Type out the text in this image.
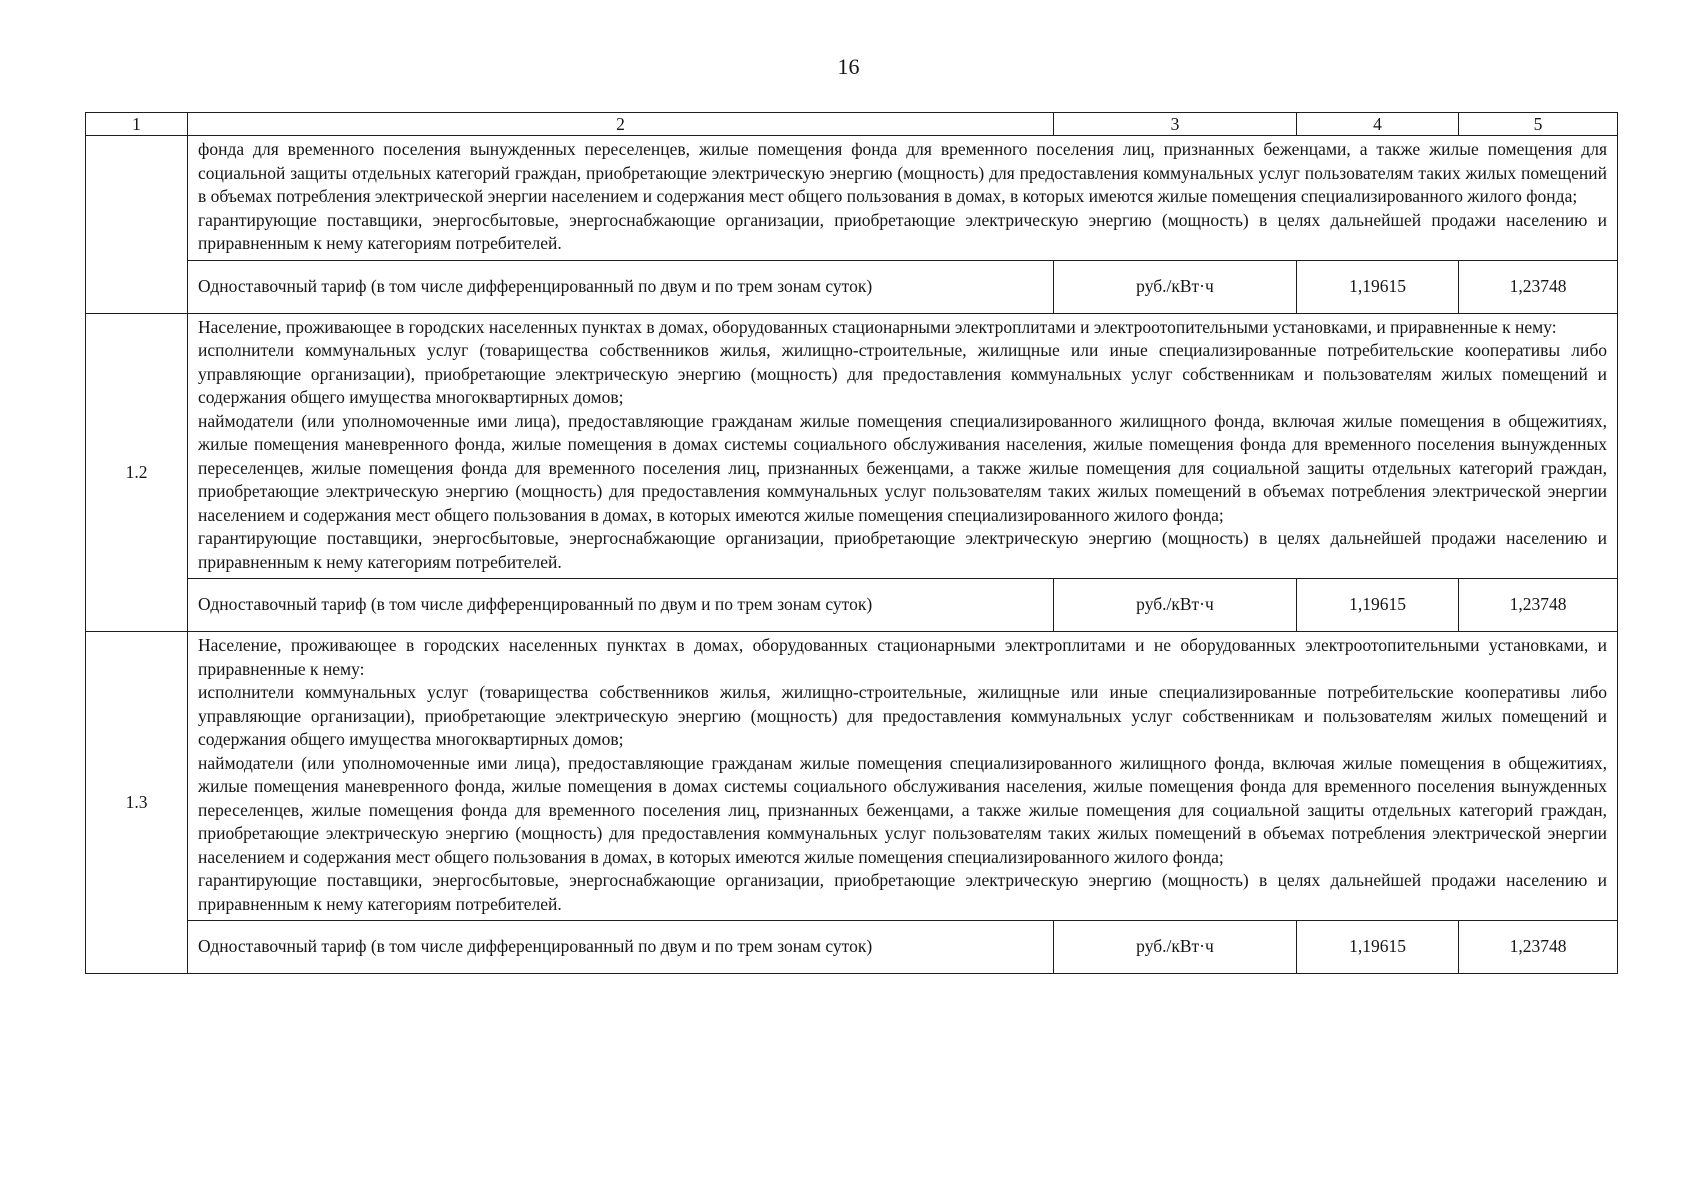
16
1	2	3	4	5

	фонда для временного поселения вынужденных переселенцев, жилые помещения фонда для временного поселения лиц, признанных беженцами, а также жилые помещения для социальной защиты отдельных категорий граждан, приобретающие электрическую энергию (мощность) для предоставления коммунальных услуг пользователям таких жилых помещений в объемах потребления электрической энергии населением и содержания мест общего пользования в домах, в которых имеются жилые помещения специализированного жилого фонда;

гарантирующие поставщики, энергосбытовые, энергоснабжающие организации, приобретающие электрическую энергию (мощность) в целях дальнейшей продажи населению и приравненным к нему категориям потребителей.			

	Одноставочный тариф (в том числе дифференцированный по двум и по трем зонам суток)	руб./кВт·ч	1,19615	1,23748
1.2	Население, проживающее в городских населенных пунктах в домах, оборудованных стационарными электроплитами и электроотопительными установками, и приравненные к нему:

исполнители коммунальных услуг (товарищества собственников жилья, жилищно-строительные, жилищные или иные специализированные потребительские кооперативы либо управляющие организации), приобретающие электрическую энергию (мощность) для предоставления коммунальных услуг собственникам и пользователям жилых помещений и содержания общего имущества многоквартирных домов;

наймодатели (или уполномоченные ими лица), предоставляющие гражданам жилые помещения специализированного жилищного фонда, включая жилые помещения в общежитиях, жилые помещения маневренного фонда, жилые помещения в домах системы социального обслуживания населения, жилые помещения фонда для временного поселения вынужденных переселенцев, жилые помещения фонда для временного поселения лиц, признанных беженцами, а также жилые помещения для социальной защиты отдельных категорий граждан, приобретающие электрическую энергию (мощность) для предоставления коммунальных услуг пользователям таких жилых помещений в объемах потребления электрической энергии населением и содержания мест общего пользования в домах, в которых имеются жилые помещения специализированного жилого фонда;

гарантирующие поставщики, энергосбытовые, энергоснабжающие организации, приобретающие электрическую энергию (мощность) в целях дальнейшей продажи населению и приравненным к нему категориям потребителей.			

	Одноставочный тариф (в том числе дифференцированный по двум и по трем зонам суток)	руб./кВт·ч	1,19615	1,23748
1.3	Население, проживающее в городских населенных пунктах в домах, оборудованных стационарными электроплитами и не оборудованных электроотопительными установками, и приравненные к нему:

исполнители коммунальных услуг (товарищества собственников жилья, жилищно-строительные, жилищные или иные специализированные потребительские кооперативы либо управляющие организации), приобретающие электрическую энергию (мощность) для предоставления коммунальных услуг собственникам и пользователям жилых помещений и содержания общего имущества многоквартирных домов;

наймодатели (или уполномоченные ими лица), предоставляющие гражданам жилые помещения специализированного жилищного фонда, включая жилые помещения в общежитиях, жилые помещения маневренного фонда, жилые помещения в домах системы социального обслуживания населения, жилые помещения фонда для временного поселения вынужденных переселенцев, жилые помещения фонда для временного поселения лиц, признанных беженцами, а также жилые помещения для социальной защиты отдельных категорий граждан, приобретающие электрическую энергию (мощность) для предоставления коммунальных услуг пользователям таких жилых помещений в объемах потребления электрической энергии населением и содержания мест общего пользования в домах, в которых имеются жилые помещения специализированного жилого фонда;

гарантирующие поставщики, энергосбытовые, энергоснабжающие организации, приобретающие электрическую энергию (мощность) в целях дальнейшей продажи населению и приравненным к нему категориям потребителей.			

	Одноставочный тариф (в том числе дифференцированный по двум и по трем зонам суток)	руб./кВт·ч	1,19615	1,23748
